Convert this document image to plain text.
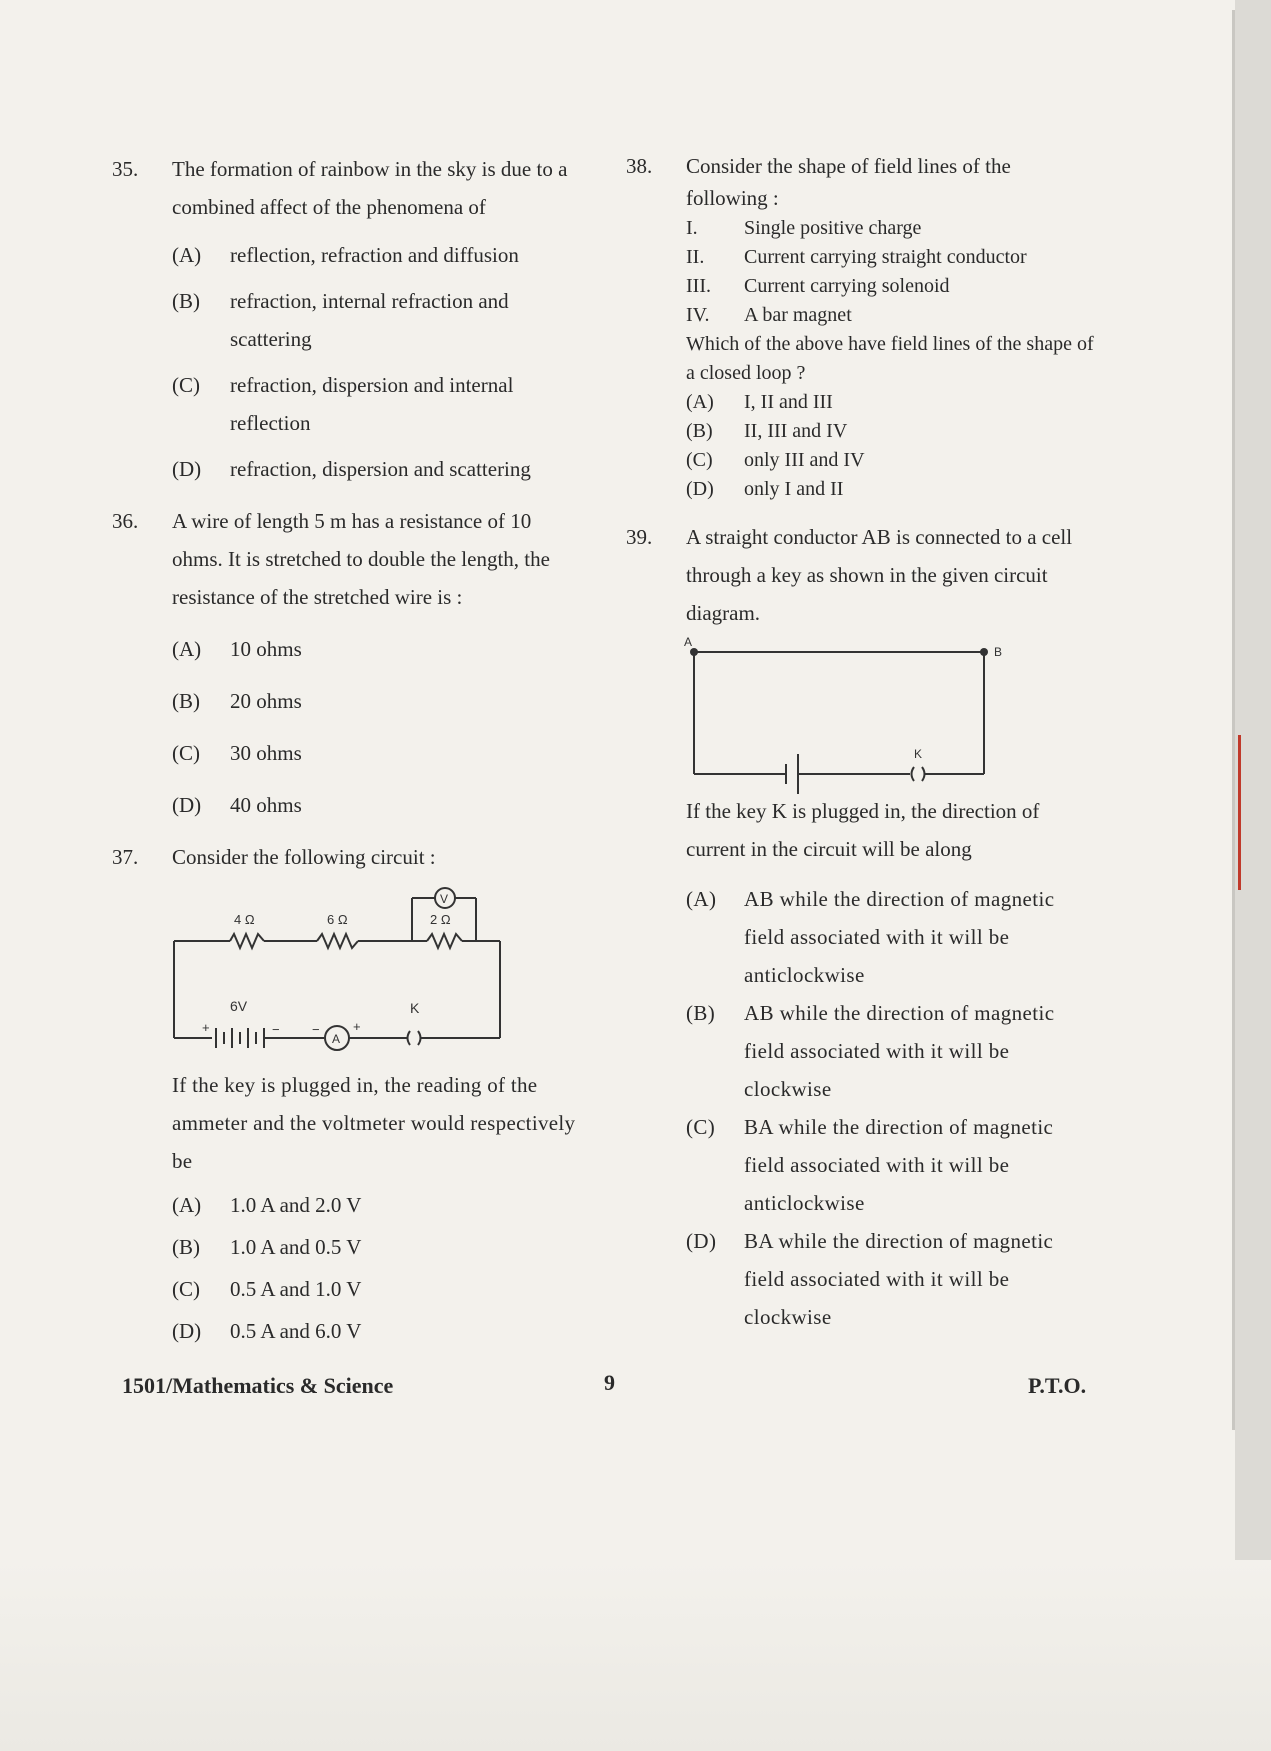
35. The formation of rainbow in the sky is due to a combined affect of the phenomena of
(A) reflection, refraction and diffusion
(B) refraction, internal refraction and scattering
(C) refraction, dispersion and internal reflection
(D) refraction, dispersion and scattering
36. A wire of length 5 m has a resistance of 10 ohms. It is stretched to double the length, the resistance of the stretched wire is :
(A) 10 ohms
(B) 20 ohms
(C) 30 ohms
(D) 40 ohms
37. Consider the following circuit :
4 Ω	6 Ω	2 Ω
V
6V
+	− −
A
+
K
If the key is plugged in, the reading of the ammeter and the voltmeter would respectively be
(A) 1.0 A and 2.0 V
(B) 1.0 A and 0.5 V
(C) 0.5 A and 1.0 V
(D) 0.5 A and 6.0 V
38. Consider the shape of field lines of the following :
I. Single positive charge
II. Current carrying straight conductor
III. Current carrying solenoid
IV. A bar magnet
Which of the above have field lines of the shape of a closed loop ?
(A) I, II and III
(B) II, III and IV
(C) only III and IV
(D) only I and II
39. A straight conductor AB is connected to a cell through a key as shown in the given circuit diagram.
A
B
K
If the key K is plugged in, the direction of current in the circuit will be along
(A) AB while the direction of magnetic field associated with it will be anticlockwise
(B) AB while the direction of magnetic field associated with it will be clockwise
(C) BA while the direction of magnetic field associated with it will be anticlockwise
(D) BA while the direction of magnetic field associated with it will be clockwise
1501/Mathematics & Science	9	P.T.O.
